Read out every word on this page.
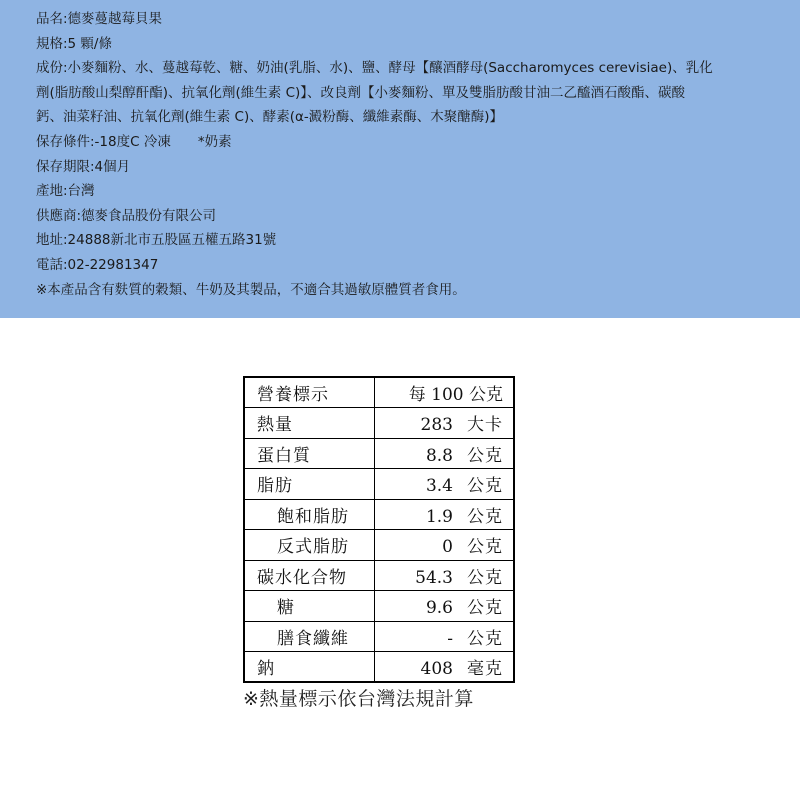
品名:德麥蔓越莓貝果
規格:5 顆/條
成份:小麥麵粉、水、蔓越莓乾、糖、奶油(乳脂、水)、鹽、酵母【釀酒酵母(Saccharomyces cerevisiae)、乳化
劑(脂肪酸山梨醇酐酯)、抗氧化劑(維生素 C)】、改良劑【小麥麵粉、單及雙脂肪酸甘油二乙醯酒石酸酯、碳酸
鈣、油菜籽油、抗氧化劑(維生素 C)、酵素(α-澱粉酶、纖維素酶、木聚醣酶)】
保存條件:-18度C 冷凍　　*奶素
保存期限:4個月
產地:台灣
供應商:德麥食品股份有限公司
地址:24888新北市五股區五權五路31號
電話:02-22981347
※本產品含有麩質的穀類、牛奶及其製品，不適合其過敏原體質者食用。
營養標示	每 100 公克
熱量	283 大卡
蛋白質	8.8 公克
脂肪	3.4 公克
飽和脂肪	1.9 公克
反式脂肪	0 公克
碳水化合物	54.3 公克
糖	9.6 公克
膳食纖維	- 公克
鈉	408 毫克
※熱量標示依台灣法規計算
